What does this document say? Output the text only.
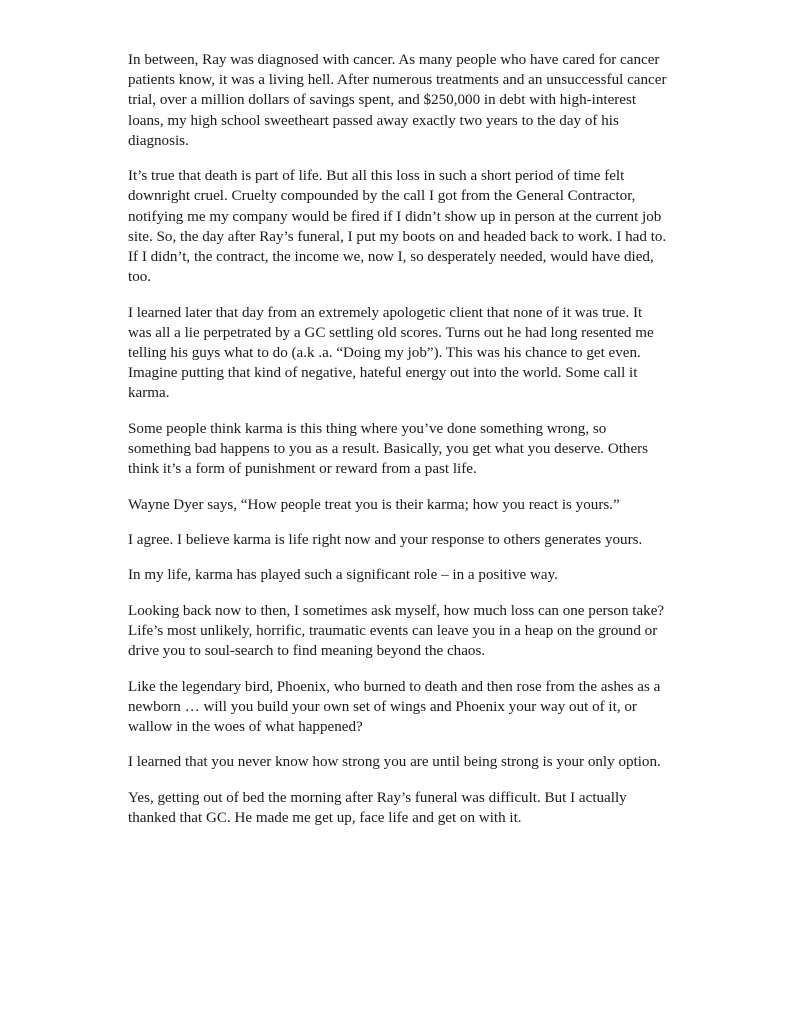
In between, Ray was diagnosed with cancer. As many people who have cared for cancer patients know, it was a living hell. After numerous treatments and an unsuccessful cancer trial, over a million dollars of savings spent, and $250,000 in debt with high-interest loans, my high school sweetheart passed away exactly two years to the day of his diagnosis.

It’s true that death is part of life. But all this loss in such a short period of time felt downright cruel. Cruelty compounded by the call I got from the General Contractor, notifying me my company would be fired if I didn’t show up in person at the current job site. So, the day after Ray’s funeral, I put my boots on and headed back to work. I had to. If I didn’t, the contract, the income we, now I, so desperately needed, would have died, too.

I learned later that day from an extremely apologetic client that none of it was true. It was all a lie perpetrated by a GC settling old scores. Turns out he had long resented me telling his guys what to do (a.k .a. “Doing my job”). This was his chance to get even. Imagine putting that kind of negative, hateful energy out into the world. Some call it karma.

Some people think karma is this thing where you’ve done something wrong, so something bad happens to you as a result. Basically, you get what you deserve. Others think it’s a form of punishment or reward from a past life.

Wayne Dyer says, “How people treat you is their karma; how you react is yours.”

I agree. I believe karma is life right now and your response to others generates yours.

In my life, karma has played such a significant role – in a positive way.

Looking back now to then, I sometimes ask myself, how much loss can one person take? Life’s most unlikely, horrific, traumatic events can leave you in a heap on the ground or drive you to soul-search to find meaning beyond the chaos.

Like the legendary bird, Phoenix, who burned to death and then rose from the ashes as a newborn … will you build your own set of wings and Phoenix your way out of it, or wallow in the woes of what happened?

I learned that you never know how strong you are until being strong is your only option.

Yes, getting out of bed the morning after Ray’s funeral was difficult. But I actually thanked that GC. He made me get up, face life and get on with it.
